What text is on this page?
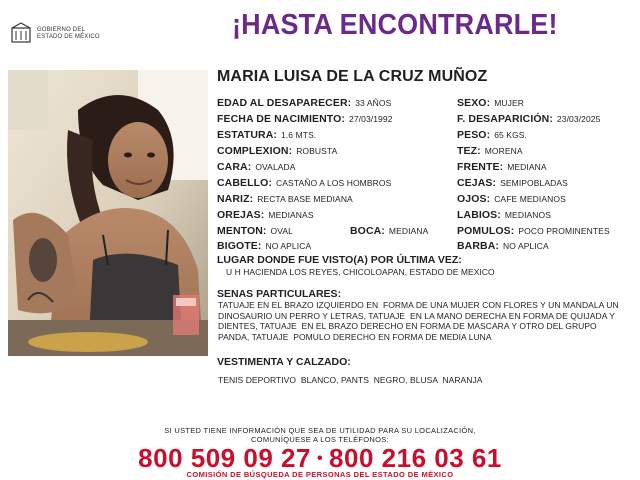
GOBIERNO DEL
ESTADO DE MÉXICO	¡HASTA ENCONTRARLE!
MARIA LUISA DE LA CRUZ MUÑOZ
EDAD AL DESAPARECER: 33 AÑOS
FECHA DE NACIMIENTO: 27/03/1992
ESTATURA: 1.6 MTS.
COMPLEXION: ROBUSTA
CARA: OVALADA
CABELLO: CASTAÑO A LOS HOMBROS
NARIZ: RECTA BASE MEDIANA
OREJAS: MEDIANAS
MENTON: OVAL	BOCA: MEDIANA
BIGOTE: NO APLICA
SEXO: MUJER
F. DESAPARICIÓN: 23/03/2025
PESO: 65 KGS.
TEZ: MORENA
FRENTE: MEDIANA
CEJAS: SEMIPOBLADAS
OJOS: CAFE MEDIANOS
LABIOS: MEDIANOS
POMULOS: POCO PROMINENTES
BARBA: NO APLICA
LUGAR DONDE FUE VISTO(A) POR ÚLTIMA VEZ:
U H HACIENDA LOS REYES, CHICOLOAPAN, ESTADO DE MEXICO
SENAS PARTICULARES:
TATUAJE EN EL BRAZO IZQUIERDO EN  FORMA DE UNA MUJER CON FLORES Y UN MANDALA UN DINOSAURIO UN PERRO Y LETRAS, TATUAJE  EN LA MANO DERECHA EN FORMA DE QUIJADA Y DIENTES, TATUAJE  EN EL BRAZO DERECHO EN FORMA DE MASCARA Y OTRO DEL GRUPO PANDA, TATUAJE  POMULO DERECHO EN FORMA DE MEDIA LUNA
VESTIMENTA Y CALZADO:
TENIS DEPORTIVO  BLANCO, PANTS  NEGRO, BLUSA  NARANJA
SI USTED TIENE INFORMACIÓN QUE SEA DE UTILIDAD PARA SU LOCALIZACIÓN,
COMUNÍQUESE A LOS TELÉFONOS:
800 509 09 27 • 800 216 03 61
COMISIÓN DE BÚSQUEDA DE PERSONAS DEL ESTADO DE MÉXICO
